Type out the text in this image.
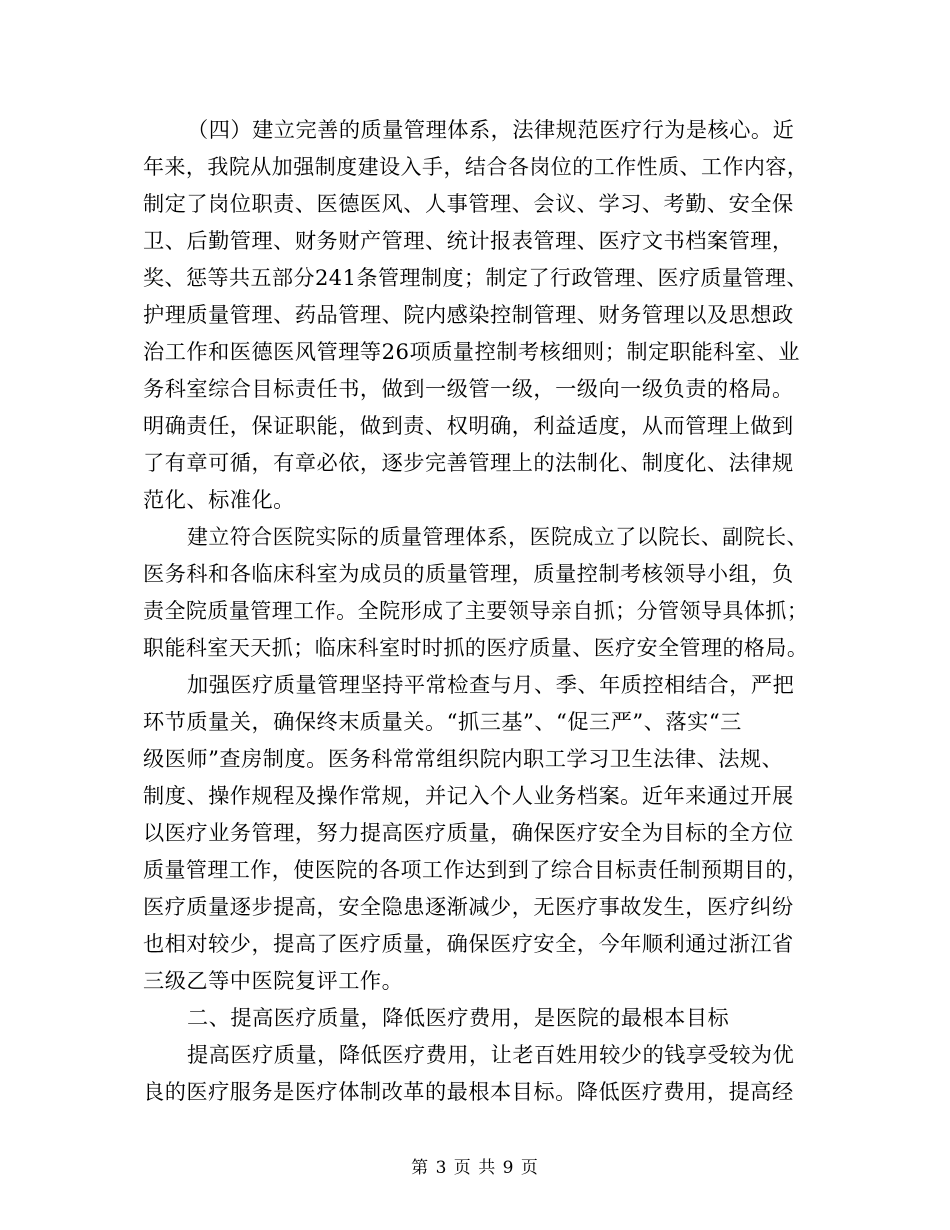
（四）建立完善的质量管理体系，法律规范医疗行为是核心。近
年来，我院从加强制度建设入手，结合各岗位的工作性质、工作内容，
制定了岗位职责、医德医风、人事管理、会议、学习、考勤、安全保
卫、后勤管理、财务财产管理、统计报表管理、医疗文书档案管理，
奖、惩等共五部分241条管理制度；制定了行政管理、医疗质量管理、
护理质量管理、药品管理、院内感染控制管理、财务管理以及思想政
治工作和医德医风管理等26项质量控制考核细则；制定职能科室、业
务科室综合目标责任书，做到一级管一级，一级向一级负责的格局。
明确责任，保证职能，做到责、权明确，利益适度，从而管理上做到
了有章可循，有章必依，逐步完善管理上的法制化、制度化、法律规
范化、标准化。
建立符合医院实际的质量管理体系，医院成立了以院长、副院长、
医务科和各临床科室为成员的质量管理，质量控制考核领导小组，负
责全院质量管理工作。全院形成了主要领导亲自抓；分管领导具体抓；
职能科室天天抓；临床科室时时抓的医疗质量、医疗安全管理的格局。
加强医疗质量管理坚持平常检查与月、季、年质控相结合，严把
环节质量关，确保终末质量关。“抓三基”、“促三严”、落实“三
级医师”查房制度。医务科常常组织院内职工学习卫生法律、法规、
制度、操作规程及操作常规，并记入个人业务档案。近年来通过开展
以医疗业务管理，努力提高医疗质量，确保医疗安全为目标的全方位
质量管理工作，使医院的各项工作达到到了综合目标责任制预期目的，
医疗质量逐步提高，安全隐患逐渐减少，无医疗事故发生，医疗纠纷
也相对较少，提高了医疗质量，确保医疗安全，今年顺利通过浙江省
三级乙等中医院复评工作。
二、提高医疗质量，降低医疗费用，是医院的最根本目标
提高医疗质量，降低医疗费用，让老百姓用较少的钱享受较为优
良的医疗服务是医疗体制改革的最根本目标。降低医疗费用，提高经
第 3 页 共 9 页
